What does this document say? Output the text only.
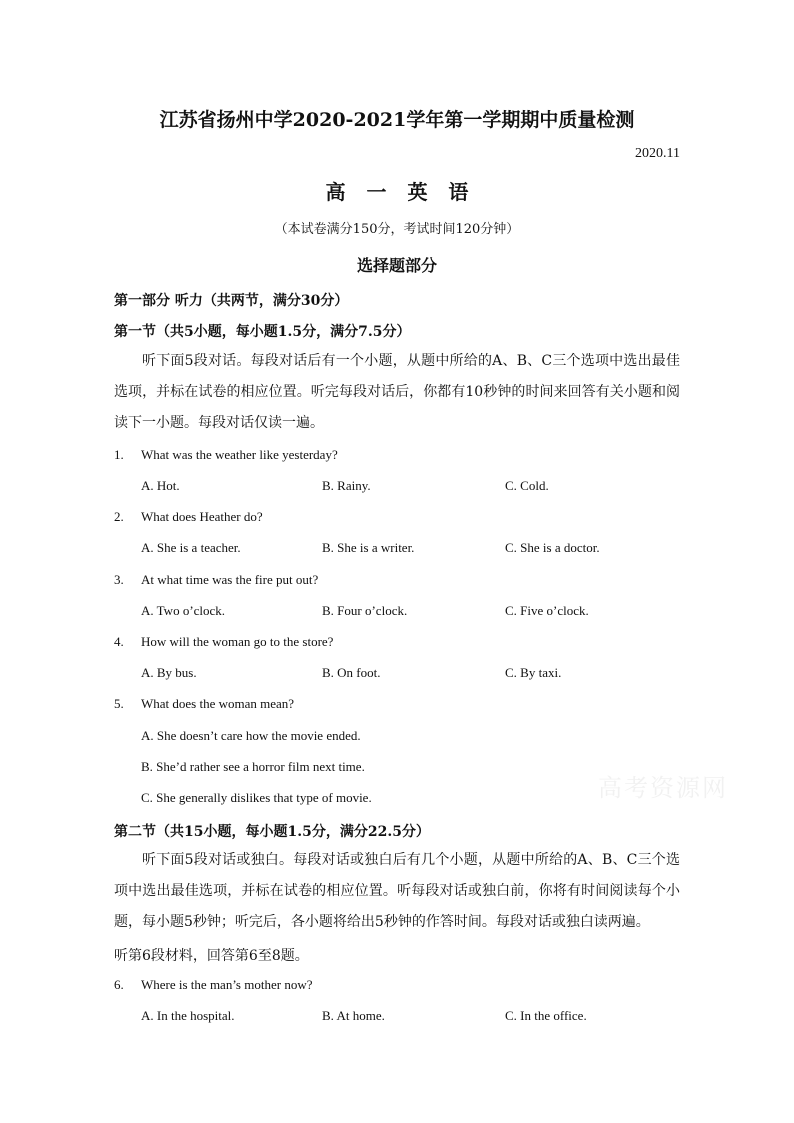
江苏省扬州中学2020-2021学年第一学期期中质量检测
2020.11
高 一 英 语
（本试卷满分150分，考试时间120分钟）
选择题部分
第一部分 听力（共两节，满分30分）
第一节（共5小题，每小题1.5分，满分7.5分）
听下面5段对话。每段对话后有一个小题，从题中所给的A、B、C三个选项中选出最佳选项，并标在试卷的相应位置。听完每段对话后，你都有10秒钟的时间来回答有关小题和阅读下一小题。每段对话仅读一遍。
1. What was the weather like yesterday?
A. Hot.	B. Rainy.	C. Cold.
2. What does Heather do?
A. She is a teacher.	B. She is a writer.	C. She is a doctor.
3. At what time was the fire put out?
A. Two o’clock.	B. Four o’clock.	C. Five o’clock.
4. How will the woman go to the store?
A. By bus.	B. On foot.	C. By taxi.
5. What does the woman mean?
A. She doesn’t care how the movie ended.
B. She’d rather see a horror film next time.
C. She generally dislikes that type of movie.	高考资源网
第二节（共15小题，每小题1.5分，满分22.5分）
听下面5段对话或独白。每段对话或独白后有几个小题，从题中所给的A、B、C三个选项中选出最佳选项，并标在试卷的相应位置。听每段对话或独白前，你将有时间阅读每个小题，每小题5秒钟；听完后，各小题将给出5秒钟的作答时间。每段对话或独白读两遍。
听第6段材料，回答第6至8题。
6. Where is the man’s mother now?
A. In the hospital.	B. At home.	C. In the office.
